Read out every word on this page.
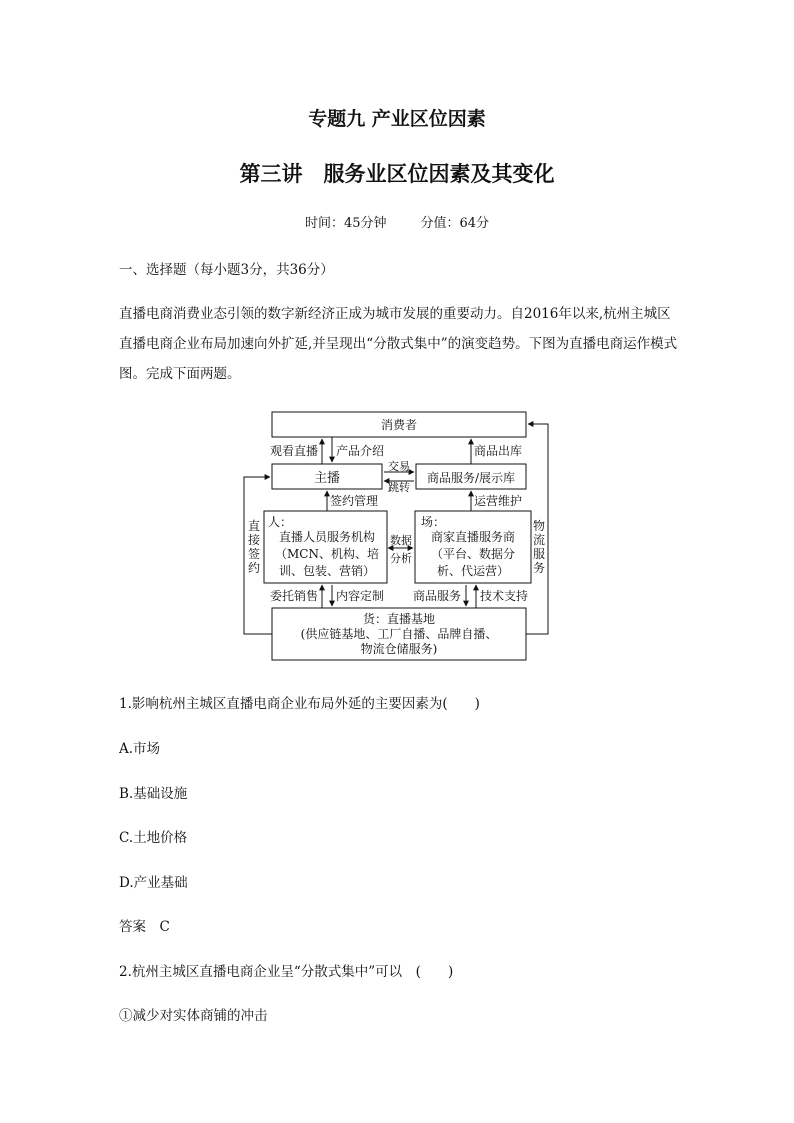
专题九 产业区位因素
第三讲　服务业区位因素及其变化
时间：45分钟	分值：64分
一、选择题（每小题3分，共36分）
直播电商消费业态引领的数字新经济正成为城市发展的重要动力。自2016年以来,杭州主城区直播电商企业布局加速向外扩延,并呈现出“分散式集中”的演变趋势。下图为直播电商运作模式图。完成下面两题。
消费者
主播	商品服务/展示库
人：
直播人员服务机构
（MCN、机构、培
训、包装、营销）
场：
商家直播服务商
（平台、数据分
析、代运营）
货：直播基地
(供应链基地、工厂自播、品牌自播、
物流仓储服务)
观看直播 产品介绍	商品出库
交易
跳转
签约管理	运营维护
数据
分析
直
接
签
约
物
流
服
务
委托销售 内容定制 商品服务 技术支持
1.影响杭州主城区直播电商企业布局外延的主要因素为(　　)
A.市场
B.基础设施
C.土地价格
D.产业基础
答案　C
2.杭州主城区直播电商企业呈“分散式集中”可以　(　　)
①减少对实体商铺的冲击
